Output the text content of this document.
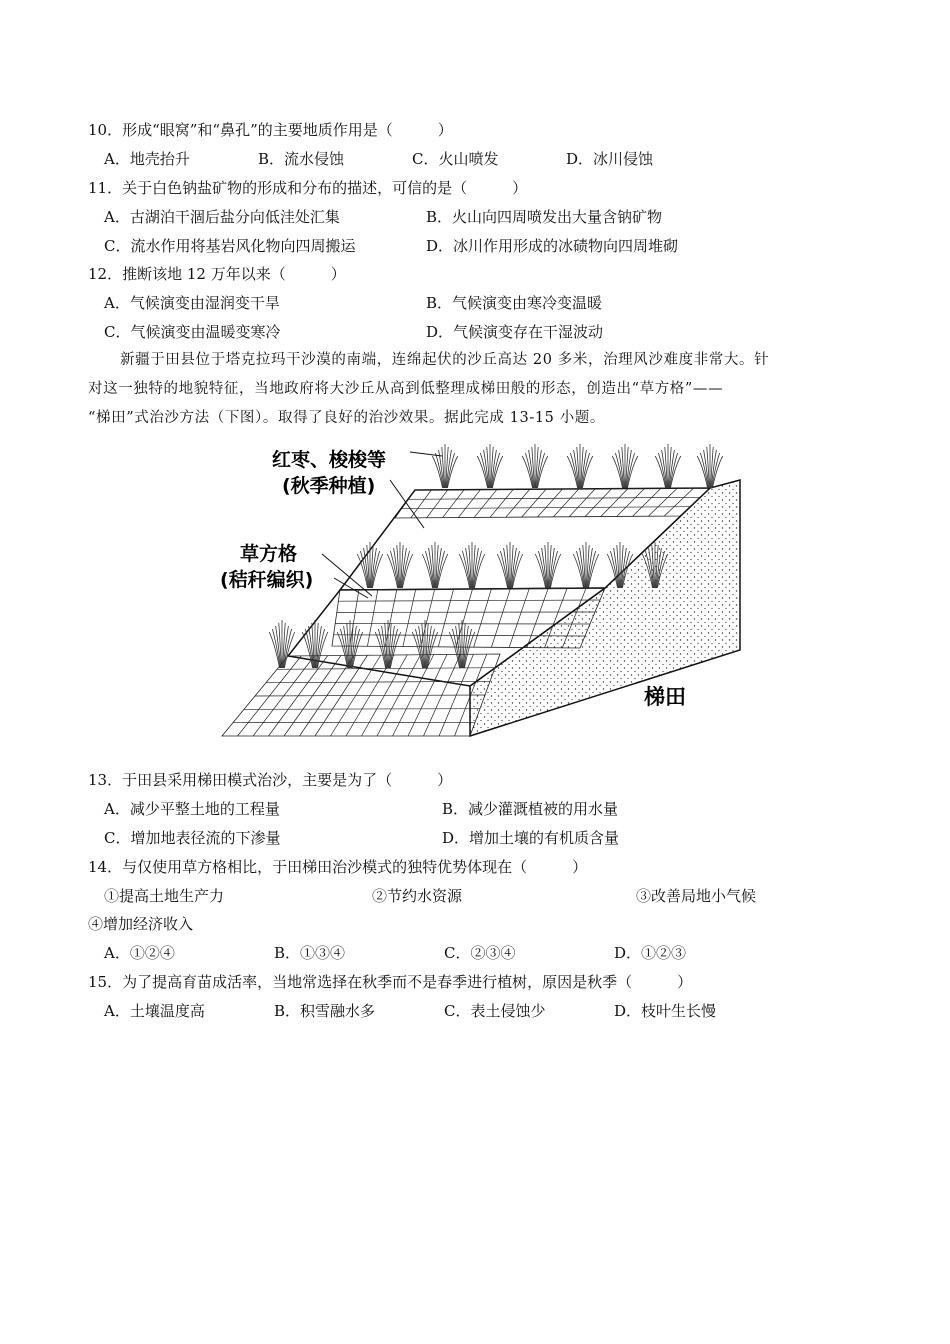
10．形成“眼窝”和“鼻孔”的主要地质作用是（　　　）
A．地壳抬升	B．流水侵蚀	C．火山喷发	D．冰川侵蚀
11．关于白色钠盐矿物的形成和分布的描述，可信的是（　　　）
A．古湖泊干涸后盐分向低洼处汇集	B．火山向四周喷发出大量含钠矿物
C．流水作用将基岩风化物向四周搬运	D．冰川作用形成的冰碛物向四周堆砌
12．推断该地 12 万年以来（　　　）
A．气候演变由湿润变干旱	B．气候演变由寒冷变温暖
C．气候演变由温暖变寒冷	D．气候演变存在干湿波动
新疆于田县位于塔克拉玛干沙漠的南端，连绵起伏的沙丘高达 20 多米，治理风沙难度非常大。针
对这一独特的地貌特征，当地政府将大沙丘从高到低整理成梯田般的形态，创造出“草方格”——
“梯田”式治沙方法（下图）。取得了良好的治沙效果。据此完成 13-15 小题。
红枣、梭梭等
(秋季种植)
草方格
(秸秆编织)
梯田
13．于田县采用梯田模式治沙，主要是为了（　　　）
A．减少平整土地的工程量	B．减少灌溉植被的用水量
C．增加地表径流的下渗量	D．增加土壤的有机质含量
14．与仅使用草方格相比，于田梯田治沙模式的独特优势体现在（　　　）
①提高土地生产力	②节约水资源	③改善局地小气候
④增加经济收入
A．①②④	B．①③④	C．②③④	D．①②③
15．为了提高育苗成活率，当地常选择在秋季而不是春季进行植树，原因是秋季（　　　）
A．土壤温度高	B．积雪融水多	C．表土侵蚀少	D．枝叶生长慢
